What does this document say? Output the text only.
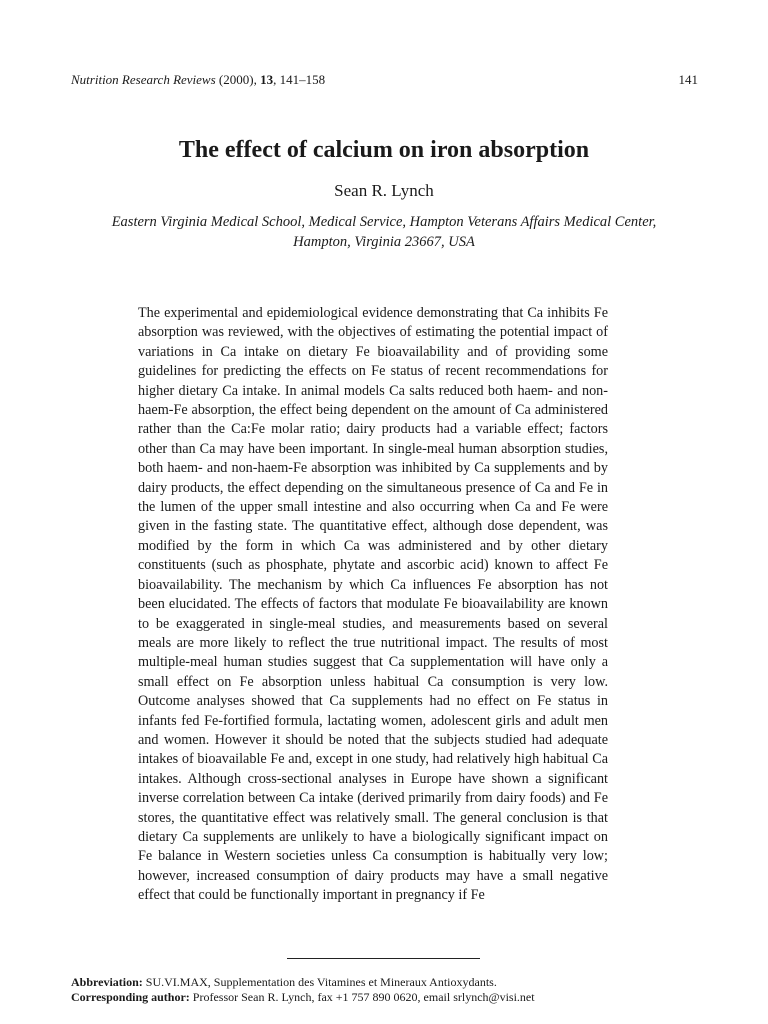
Nutrition Research Reviews (2000), 13, 141–158	141
The effect of calcium on iron absorption
Sean R. Lynch
Eastern Virginia Medical School, Medical Service, Hampton Veterans Affairs Medical Center,
Hampton, Virginia 23667, USA

The experimental and epidemiological evidence demonstrating that Ca inhibits Fe absorption was reviewed, with the objectives of estimating the potential impact of variations in Ca intake on dietary Fe bioavailability and of providing some guidelines for predicting the effects on Fe status of recent recommendations for higher dietary Ca intake. In animal models Ca salts reduced both haem- and non-haem-Fe absorption, the effect being dependent on the amount of Ca administered rather than the Ca:Fe molar ratio; dairy products had a variable effect; factors other than Ca may have been important. In single-meal human absorption studies, both haem- and non-haem-Fe absorption was inhibited by Ca supplements and by dairy products, the effect depending on the simultaneous presence of Ca and Fe in the lumen of the upper small intestine and also occurring when Ca and Fe were given in the fasting state. The quantitative effect, although dose dependent, was modified by the form in which Ca was administered and by other dietary constituents (such as phosphate, phytate and ascorbic acid) known to affect Fe bioavailability. The mechanism by which Ca influences Fe absorption has not been elucidated. The effects of factors that modulate Fe bioavailability are known to be exaggerated in single-meal studies, and measurements based on several meals are more likely to reflect the true nutritional impact. The results of most multiple-meal human studies suggest that Ca supplementation will have only a small effect on Fe absorption unless habitual Ca consumption is very low. Outcome analyses showed that Ca supplements had no effect on Fe status in infants fed Fe-fortified formula, lactating women, adolescent girls and adult men and women. However it should be noted that the subjects studied had adequate intakes of bioavailable Fe and, except in one study, had relatively high habitual Ca intakes. Although cross-sectional analyses in Europe have shown a significant inverse correlation between Ca intake (derived primarily from dairy foods) and Fe stores, the quantitative effect was relatively small. The general conclusion is that dietary Ca supplements are unlikely to have a biologically significant impact on Fe balance in Western societies unless Ca consumption is habitually very low; however, increased consumption of dairy products may have a small negative effect that could be functionally important in pregnancy if Fe

Abbreviation: SU.VI.MAX, Supplementation des Vitamines et Mineraux Antioxydants.
Corresponding author: Professor Sean R. Lynch, fax +1 757 890 0620, email srlynch@visi.net
